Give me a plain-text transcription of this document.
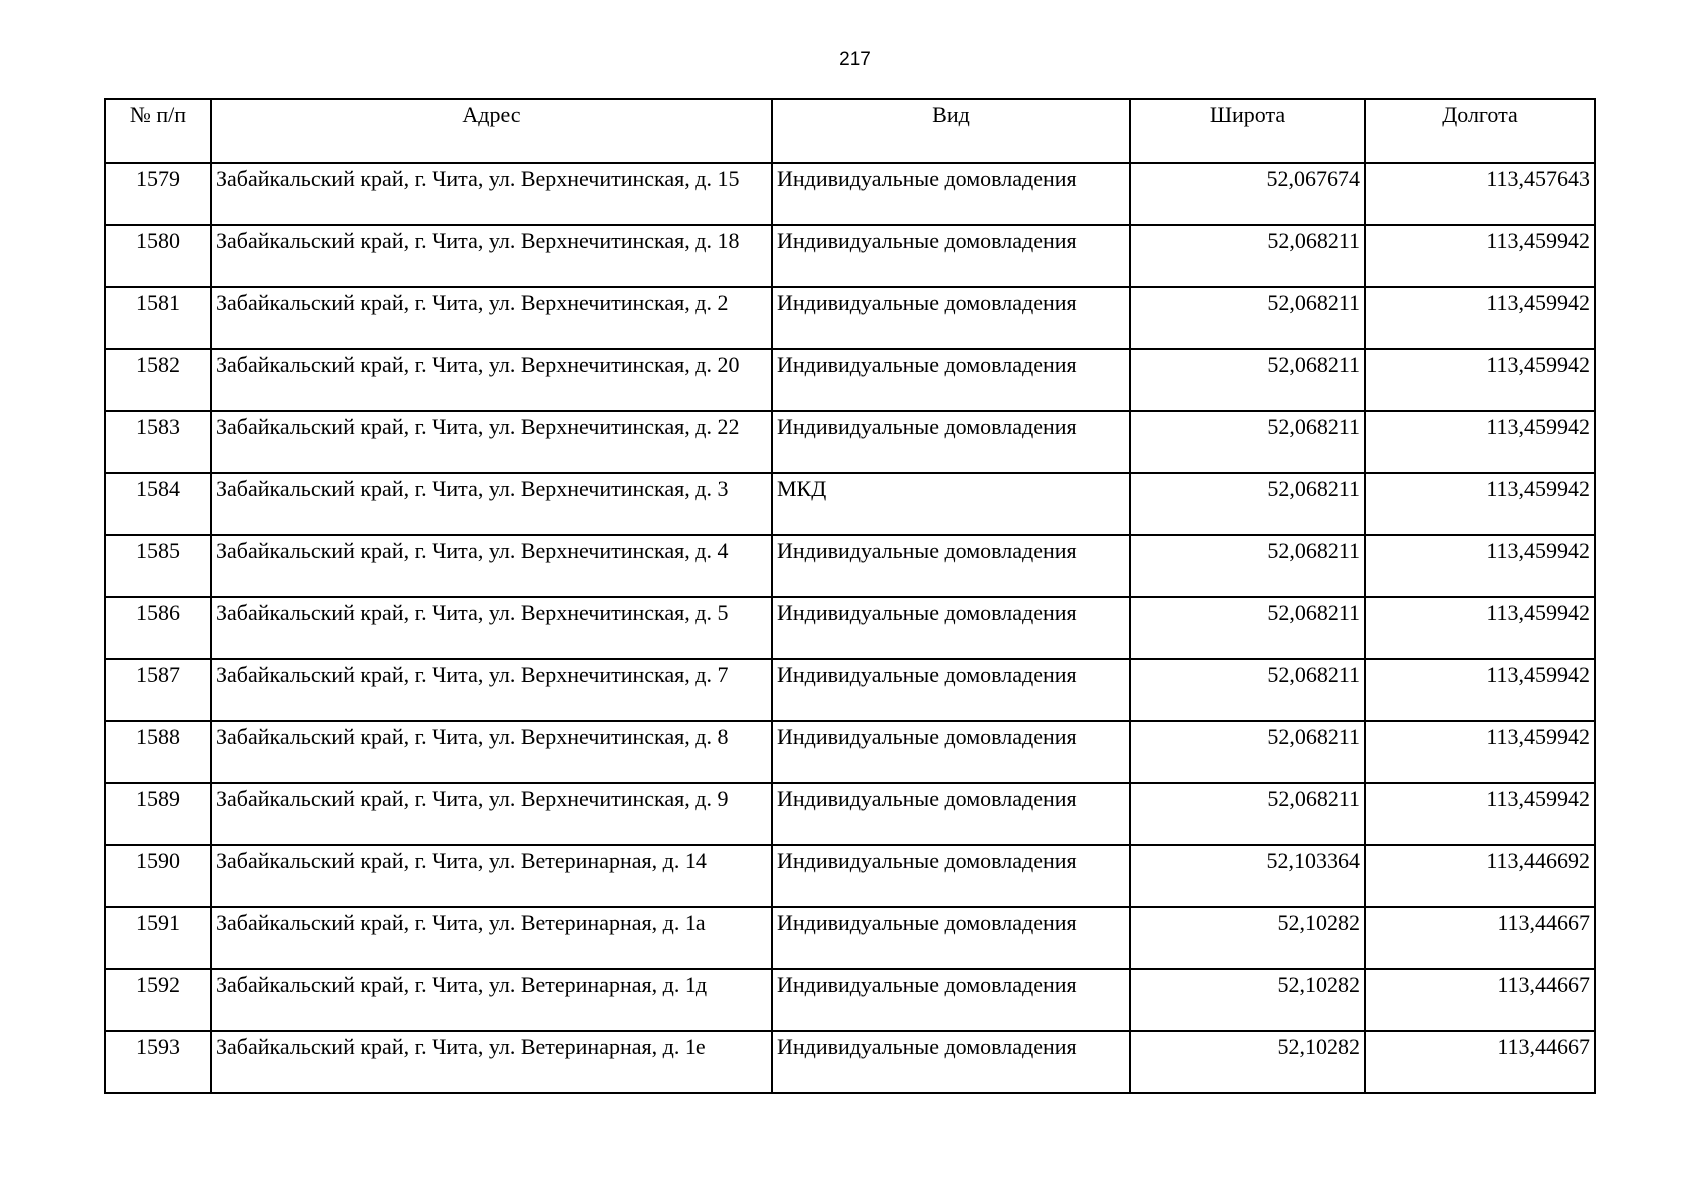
217
№ п/п	Адрес	Вид	Широта	Долгота
1579	Забайкальский край, г. Чита, ул. Верхнечитинская, д. 15	Индивидуальные домовладения	52,067674	113,457643
1580	Забайкальский край, г. Чита, ул. Верхнечитинская, д. 18	Индивидуальные домовладения	52,068211	113,459942
1581	Забайкальский край, г. Чита, ул. Верхнечитинская, д. 2	Индивидуальные домовладения	52,068211	113,459942
1582	Забайкальский край, г. Чита, ул. Верхнечитинская, д. 20	Индивидуальные домовладения	52,068211	113,459942
1583	Забайкальский край, г. Чита, ул. Верхнечитинская, д. 22	Индивидуальные домовладения	52,068211	113,459942
1584	Забайкальский край, г. Чита, ул. Верхнечитинская, д. 3	МКД	52,068211	113,459942
1585	Забайкальский край, г. Чита, ул. Верхнечитинская, д. 4	Индивидуальные домовладения	52,068211	113,459942
1586	Забайкальский край, г. Чита, ул. Верхнечитинская, д. 5	Индивидуальные домовладения	52,068211	113,459942
1587	Забайкальский край, г. Чита, ул. Верхнечитинская, д. 7	Индивидуальные домовладения	52,068211	113,459942
1588	Забайкальский край, г. Чита, ул. Верхнечитинская, д. 8	Индивидуальные домовладения	52,068211	113,459942
1589	Забайкальский край, г. Чита, ул. Верхнечитинская, д. 9	Индивидуальные домовладения	52,068211	113,459942
1590	Забайкальский край, г. Чита, ул. Ветеринарная, д. 14	Индивидуальные домовладения	52,103364	113,446692
1591	Забайкальский край, г. Чита, ул. Ветеринарная, д. 1а	Индивидуальные домовладения	52,10282	113,44667
1592	Забайкальский край, г. Чита, ул. Ветеринарная, д. 1д	Индивидуальные домовладения	52,10282	113,44667
1593	Забайкальский край, г. Чита, ул. Ветеринарная, д. 1е	Индивидуальные домовладения	52,10282	113,44667
